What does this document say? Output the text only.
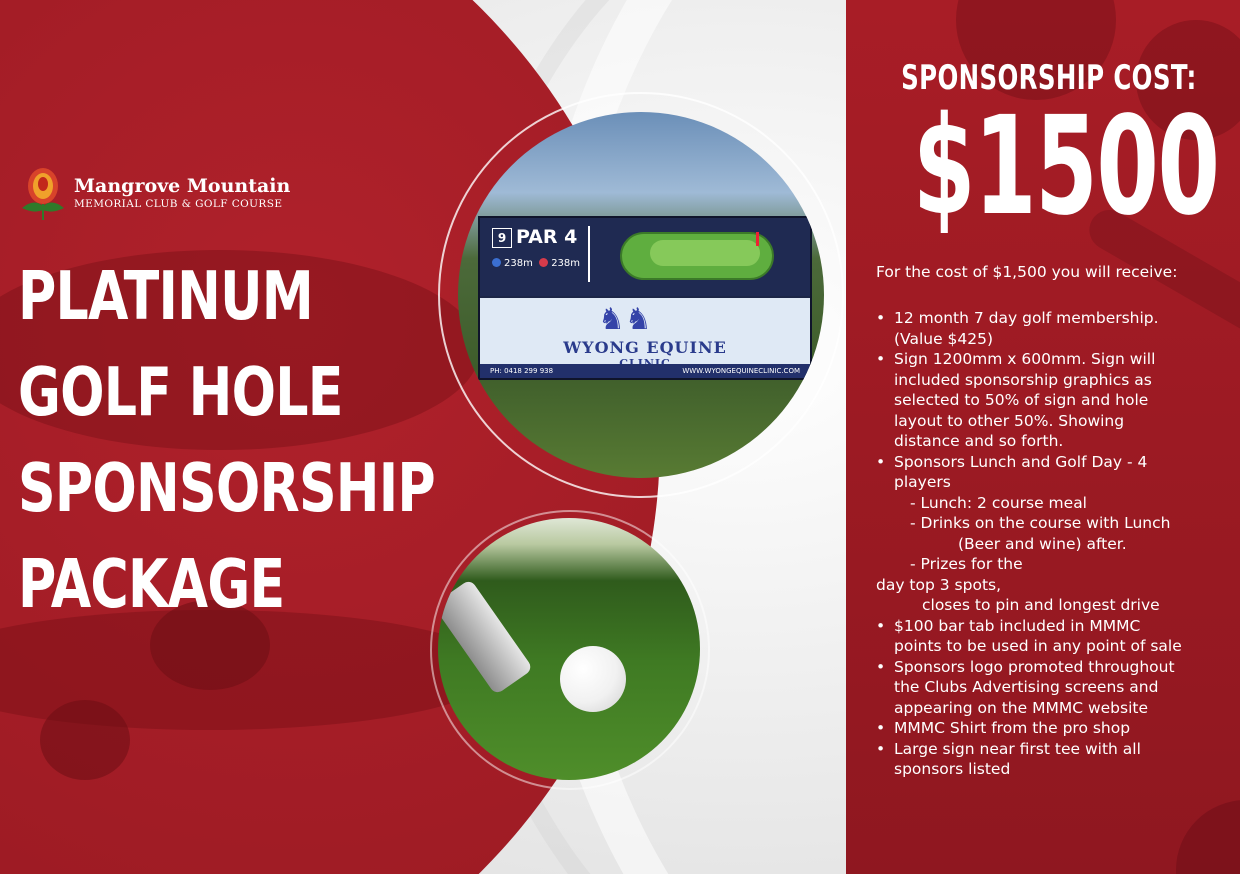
Mangrove Mountain
MEMORIAL CLUB & GOLF COURSE
PLATINUM
GOLF HOLE
SPONSORSHIP
PACKAGE
9 PAR 4
238m 238m
♞♞
WYONG EQUINE
PH: 0418 299 938	WWW.WYONGEQUINECLINIC.COM
SPONSORSHIP COST:
$1500
For the cost of $1,500 you will receive:
• 12 month 7 day golf membership.
(Value $425)
• Sign 1200mm x 600mm. Sign will
included sponsorship graphics as
selected to 50% of sign and hole
layout to other 50%. Showing
distance and so forth.
• Sponsors Lunch and Golf Day - 4
players
- Lunch: 2 course meal
- Drinks on the course with Lunch
(Beer and wine) after.
- Prizes for the
day top 3 spots,
closes to pin and longest drive
• $100 bar tab included in MMMC
points to be used in any point of sale
• Sponsors logo promoted throughout
the Clubs Advertising screens and
appearing on the MMMC website
• MMMC Shirt from the pro shop
• Large sign near first tee with all
sponsors listed
